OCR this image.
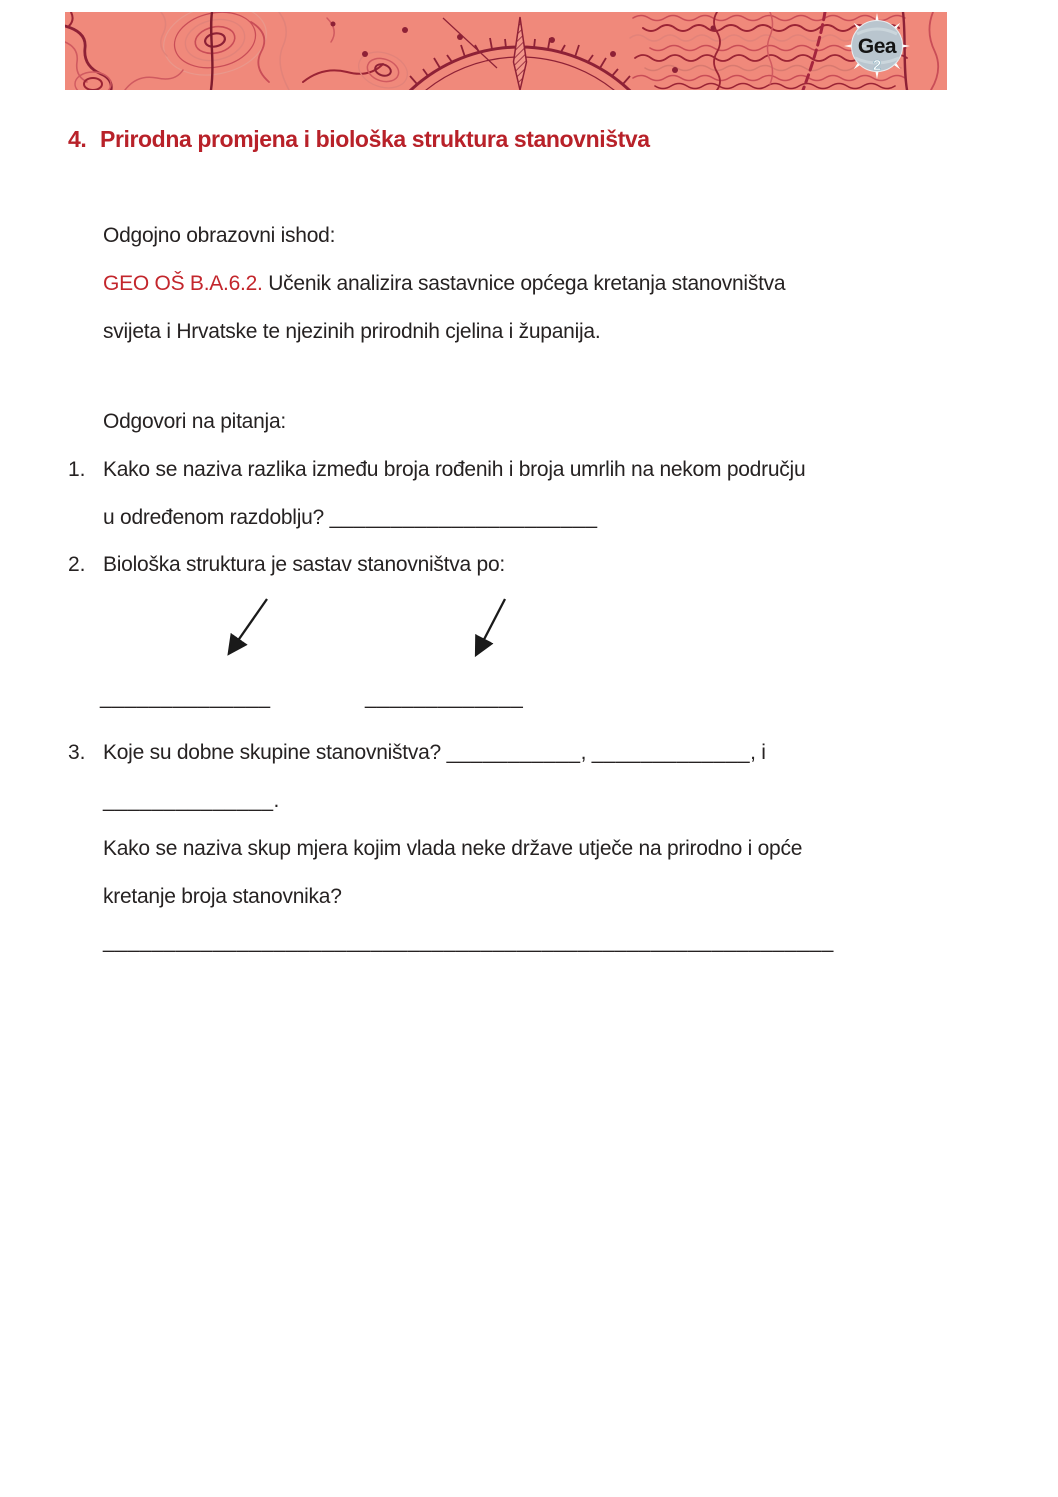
Gea
2
4. Prirodna promjena i biološka struktura stanovništva
Odgojno obrazovni ishod:
GEO OŠ B.A.6.2. Učenik analizira sastavnice općega kretanja stanovništva
svijeta i Hrvatske te njezinih prirodnih cjelina i županija.
Odgovori na pitanja:
1. Kako se naziva razlika između broja rođenih i broja umrlih na nekom području
u određenom razdoblju? ______________________
2. Biološka struktura je sastav stanovništva po:
______________	_____________
3. Koje su dobne skupine stanovništva? ___________, _____________, i
______________.
Kako se naziva skup mjera kojim vlada neke države utječe na prirodno i opće
kretanje broja stanovnika?
____________________________________________________________
